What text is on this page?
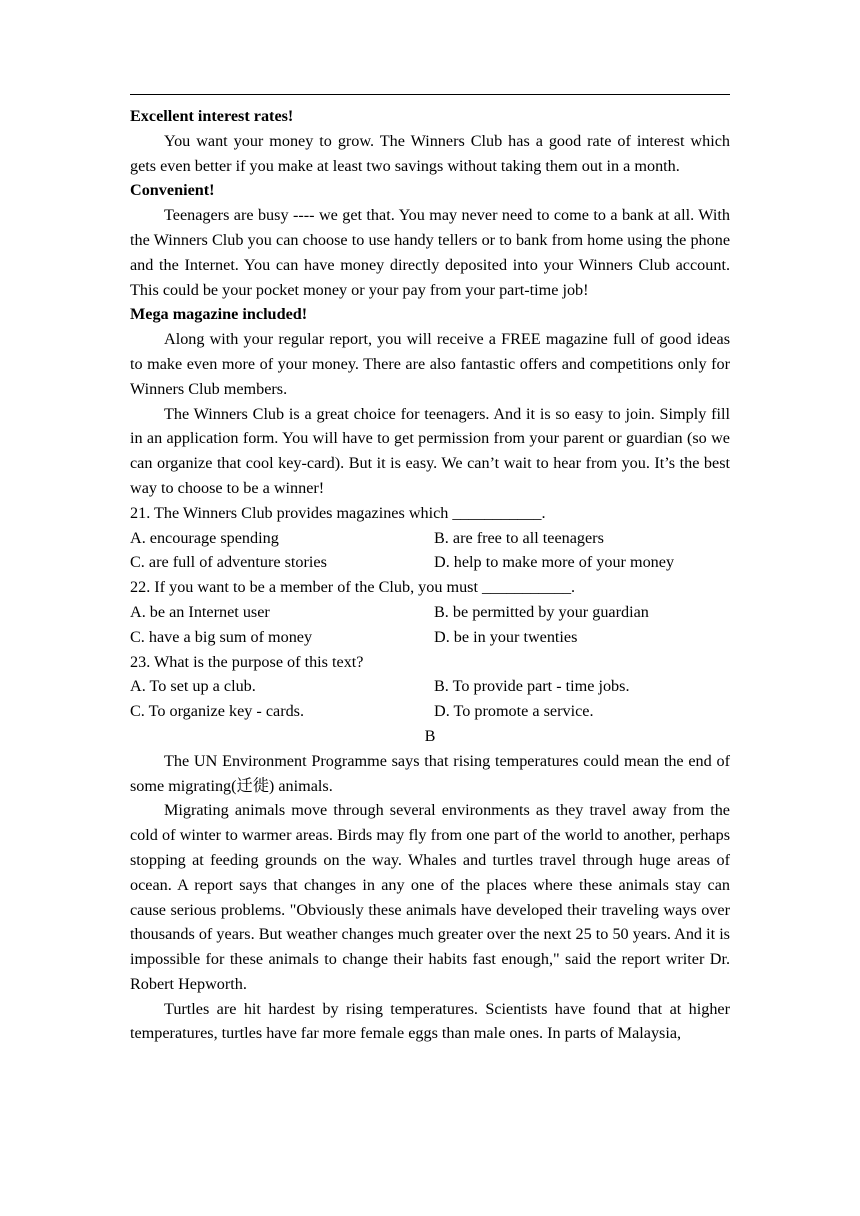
Excellent interest rates!

You want your money to grow. The Winners Club has a good rate of interest which gets even better if you make at least two savings without taking them out in a month.

Convenient!

Teenagers are busy ---- we get that. You may never need to come to a bank at all. With the Winners Club you can choose to use handy tellers or to bank from home using the phone and the Internet. You can have money directly deposited into your Winners Club account. This could be your pocket money or your pay from your part-time job!

Mega magazine included!

Along with your regular report, you will receive a FREE magazine full of good ideas to make even more of your money. There are also fantastic offers and competitions only for Winners Club members.

The Winners Club is a great choice for teenagers. And it is so easy to join. Simply fill in an application form. You will have to get permission from your parent or guardian (so we can organize that cool key-card). But it is easy. We can’t wait to hear from you. It’s the best way to choose to be a winner!

21. The Winners Club provides magazines which ___________.

A. encourage spending	B. are free to all teenagers
C. are full of adventure stories	D. help to make more of your money

22. If you want to be a member of the Club, you must ___________.

A. be an Internet user	B. be permitted by your guardian
C. have a big sum of money	D. be in your twenties

23. What is the purpose of this text?

A. To set up a club.	B. To provide part - time jobs.
C. To organize key - cards.	D. To promote a service.

B

The UN Environment Programme says that rising temperatures could mean the end of some migrating(迁徙) animals.

Migrating animals move through several environments as they travel away from the cold of winter to warmer areas. Birds may fly from one part of the world to another, perhaps stopping at feeding grounds on the way. Whales and turtles travel through huge areas of ocean. A report says that changes in any one of the places where these animals stay can cause serious problems. "Obviously these animals have developed their traveling ways over thousands of years. But weather changes much greater over the next 25 to 50 years. And it is impossible for these animals to change their habits fast enough," said the report writer Dr. Robert Hepworth.

Turtles are hit hardest by rising temperatures. Scientists have found that at higher temperatures, turtles have far more female eggs than male ones. In parts of Malaysia,
